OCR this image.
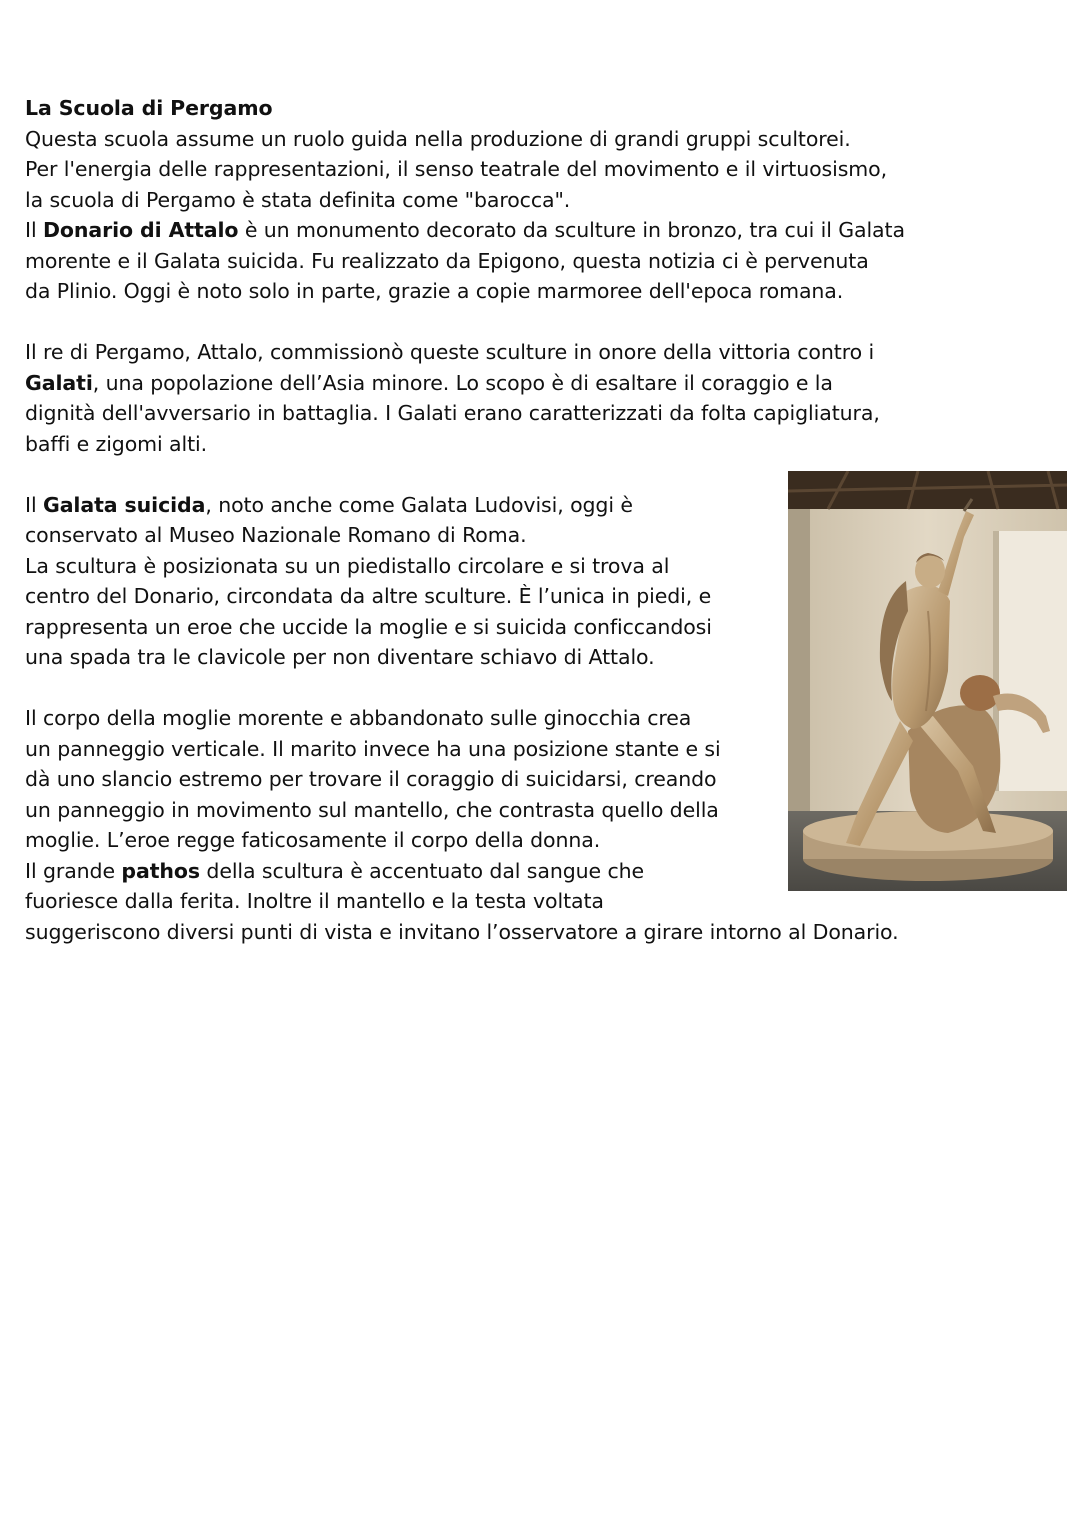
La Scuola di Pergamo
Questa scuola assume un ruolo guida nella produzione di grandi gruppi scultorei.
Per l'energia delle rappresentazioni, il senso teatrale del movimento e il virtuosismo,
la scuola di Pergamo è stata definita come "barocca".
Il Donario di Attalo è un monumento decorato da sculture in bronzo, tra cui il Galata
morente e il Galata suicida. Fu realizzato da Epigono, questa notizia ci è pervenuta
da Plinio. Oggi è noto solo in parte, grazie a copie marmoree dell'epoca romana.
Il re di Pergamo, Attalo, commissionò queste sculture in onore della vittoria contro i
Galati, una popolazione dell’Asia minore. Lo scopo è di esaltare il coraggio e la
dignità dell'avversario in battaglia. I Galati erano caratterizzati da folta capigliatura,
baffi e zigomi alti.
Il Galata suicida, noto anche come Galata Ludovisi, oggi è
conservato al Museo Nazionale Romano di Roma.
La scultura è posizionata su un piedistallo circolare e si trova al
centro del Donario, circondata da altre sculture. È l’unica in piedi, e
rappresenta un eroe che uccide la moglie e si suicida conficcandosi
una spada tra le clavicole per non diventare schiavo di Attalo.
Il corpo della moglie morente e abbandonato sulle ginocchia crea
un panneggio verticale. Il marito invece ha una posizione stante e si
dà uno slancio estremo per trovare il coraggio di suicidarsi, creando
un panneggio in movimento sul mantello, che contrasta quello della
moglie. L’eroe regge faticosamente il corpo della donna.
Il grande pathos della scultura è accentuato dal sangue che
fuoriesce dalla ferita. Inoltre il mantello e la testa voltata
suggeriscono diversi punti di vista e invitano l’osservatore a girare intorno al Donario.
